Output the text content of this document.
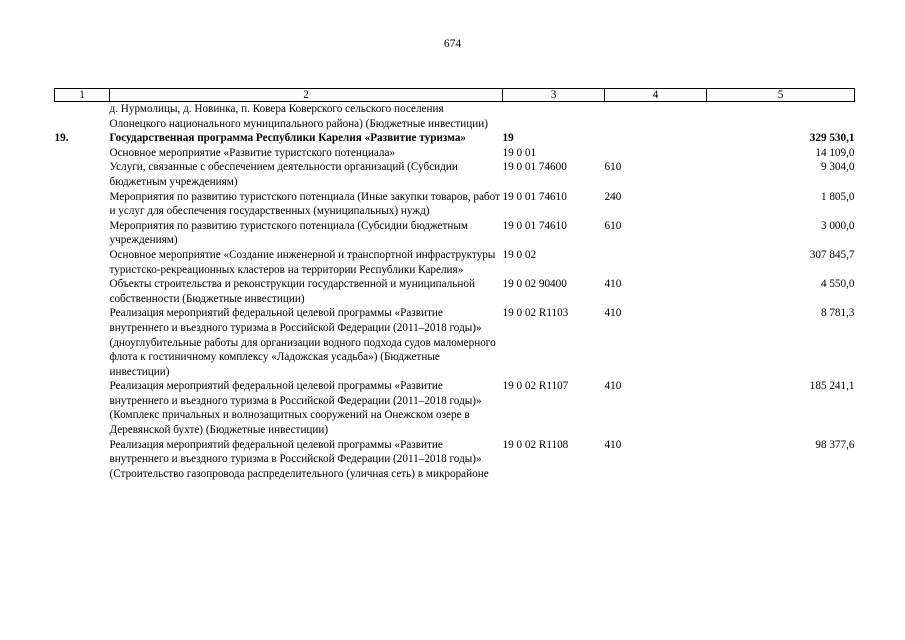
674
1	2	3	4	5
	д. Нурмолицы, д. Новинка, п. Ковера Коверского сельского поселения Олонецкого национального муниципального района) (Бюджетные инвестиции)			
19.	Государственная программа Республики Карелия «Развитие туризма»	19		329 530,1
	Основное мероприятие «Развитие туристского потенциала»	19 0 01		14 109,0
	Услуги, связанные с обеспечением деятельности организаций (Субсидии бюджетным учреждениям)	19 0 01 74600	610	9 304,0
	Мероприятия по развитию туристского потенциала (Иные закупки товаров, работ и услуг для обеспечения государственных (муниципальных) нужд)	19 0 01 74610	240	1 805,0
	Мероприятия по развитию туристского потенциала (Субсидии бюджетным учреждениям)	19 0 01 74610	610	3 000,0
	Основное мероприятие «Создание инженерной и транспортной инфраструктуры туристско-рекреационных кластеров на территории Республики Карелия»	19 0 02		307 845,7
	Объекты строительства и реконструкции государственной и муниципальной собственности (Бюджетные инвестиции)	19 0 02 90400	410	4 550,0
	Реализация мероприятий федеральной целевой программы «Развитие внутреннего и въездного туризма в Российской Федерации (2011–2018 годы)» (дноуглубительные работы для организации водного подхода судов маломерного флота к гостиничному комплексу «Ладожская усадьба») (Бюджетные инвестиции)	19 0 02 R1103	410	8 781,3
	Реализация мероприятий федеральной целевой программы «Развитие внутреннего и въездного туризма в Российской Федерации (2011–2018 годы)» (Комплекс причальных и волнозащитных сооружений на Онежском озере в Деревянской бухте) (Бюджетные инвестиции)	19 0 02 R1107	410	185 241,1
	Реализация мероприятий федеральной целевой программы «Развитие внутреннего и въездного туризма в Российской Федерации (2011–2018 годы)» (Строительство газопровода распределительного (уличная сеть) в микрорайоне	19 0 02 R1108	410	98 377,6
